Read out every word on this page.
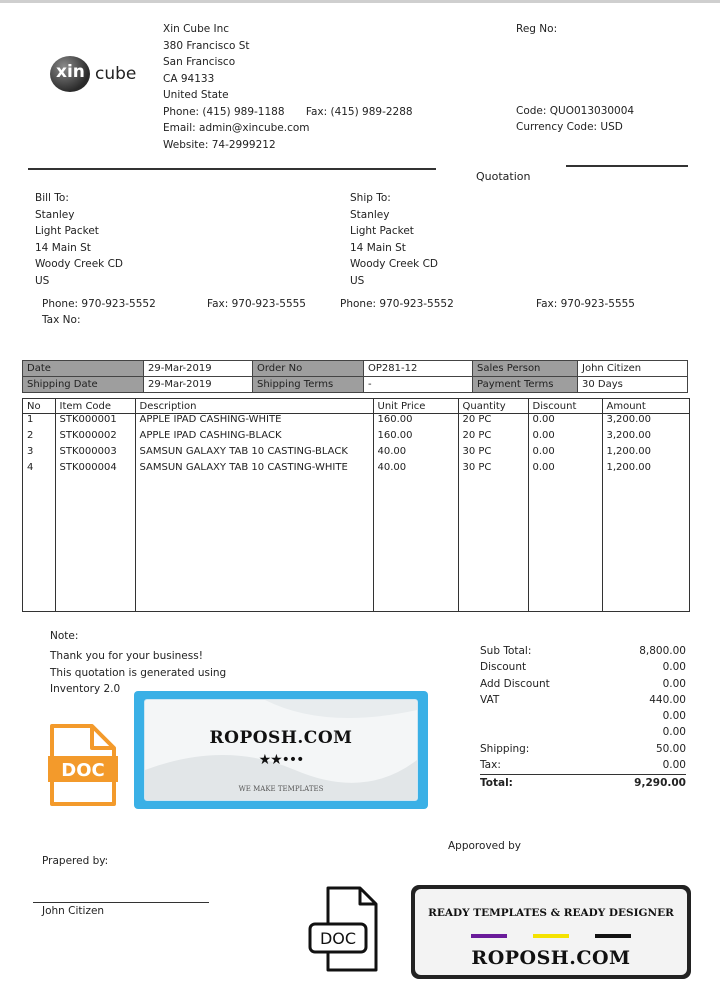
xin cube
Xin Cube Inc
380 Francisco St
San Francisco
CA 94133
United State
Phone: (415) 989-1188 Fax: (415) 989-2288
Email: admin@xincube.com
Website: 74-2999212
Reg No:
Code: QUO013030004
Currency Code: USD
Quotation
Bill To:
Stanley
Light Packet
14 Main St
Woody Creek CD
US
Ship To:
Stanley
Light Packet
14 Main St
Woody Creek CD
US
Phone: 970-923-5552	Fax: 970-923-5555	Phone: 970-923-5552	Fax: 970-923-5555
Tax No:
Date	29-Mar-2019	Order No	OP281-12	Sales Person	John Citizen
Shipping Date	29-Mar-2019	Shipping Terms	-	Payment Terms	30 Days
No	Item Code	Description	Unit Price	Quantity	Discount	Amount
1	STK000001	APPLE IPAD CASHING-WHITE	160.00	20 PC	0.00	3,200.00
2	STK000002	APPLE IPAD CASHING-BLACK	160.00	20 PC	0.00	3,200.00
3	STK000003	SAMSUN GALAXY TAB 10 CASTING-BLACK	40.00	30 PC	0.00	1,200.00
4	STK000004	SAMSUN GALAXY TAB 10 CASTING-WHITE	40.00	30 PC	0.00	1,200.00

Note:
Thank you for your business!
This quotation is generated using
Inventory 2.0
Sub Total:	8,800.00
Discount	0.00
Add Discount	0.00
VAT	440.00
0.00
0.00
Shipping:	50.00
Tax:	0.00
Total:	9,290.00
DOC
ROPOSH.COM
★★•••
WE MAKE TEMPLATES
Apporoved by
Prapered by:
John Citizen
DOC
READY TEMPLATES & READY DESIGNER
ROPOSH.COM
